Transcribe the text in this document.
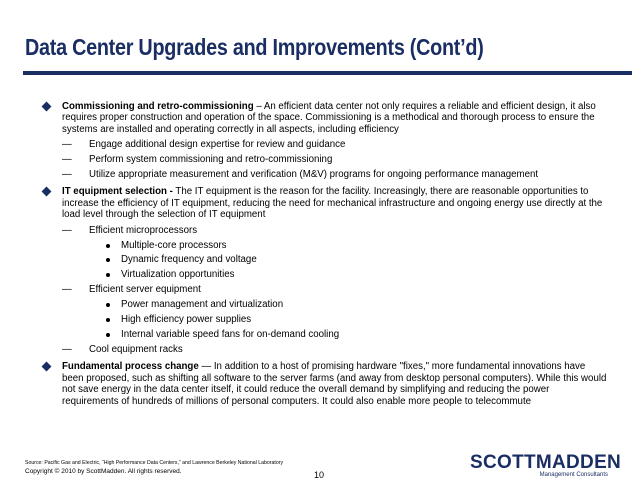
Data Center Upgrades and Improvements (Cont’d)
Commissioning and retro-commissioning – An efficient data center not only requires a reliable and efficient design, it also requires proper construction and operation of the space. Commissioning is a methodical and thorough process to ensure the systems are installed and operating correctly in all aspects, including efficiency
— Engage additional design expertise for review and guidance
— Perform system commissioning and retro-commissioning
— Utilize appropriate measurement and verification (M&V) programs for ongoing performance management
IT equipment selection - The IT equipment is the reason for the facility. Increasingly, there are reasonable opportunities to increase the efficiency of IT equipment, reducing the need for mechanical infrastructure and ongoing energy use directly at the load level through the selection of IT equipment
— Efficient microprocessors
Multiple-core processors
Dynamic frequency and voltage
Virtualization opportunities
— Efficient server equipment
Power management and virtualization
High efficiency power supplies
Internal variable speed fans for on-demand cooling
— Cool equipment racks
Fundamental process change — In addition to a host of promising hardware "fixes," more fundamental innovations have been proposed, such as shifting all software to the server farms (and away from desktop personal computers). While this would not save energy in the data center itself, it could reduce the overall demand by simplifying and reducing the power requirements of hundreds of millions of personal computers. It could also enable more people to telecommute
Source: Pacific Gas and Electric, “High Performance Data Centers,” and Lawrence Berkeley National Laboratory
Copyright © 2010 by ScottMadden. All rights reserved.	10
SCOTTMADDEN
Management Consultants
